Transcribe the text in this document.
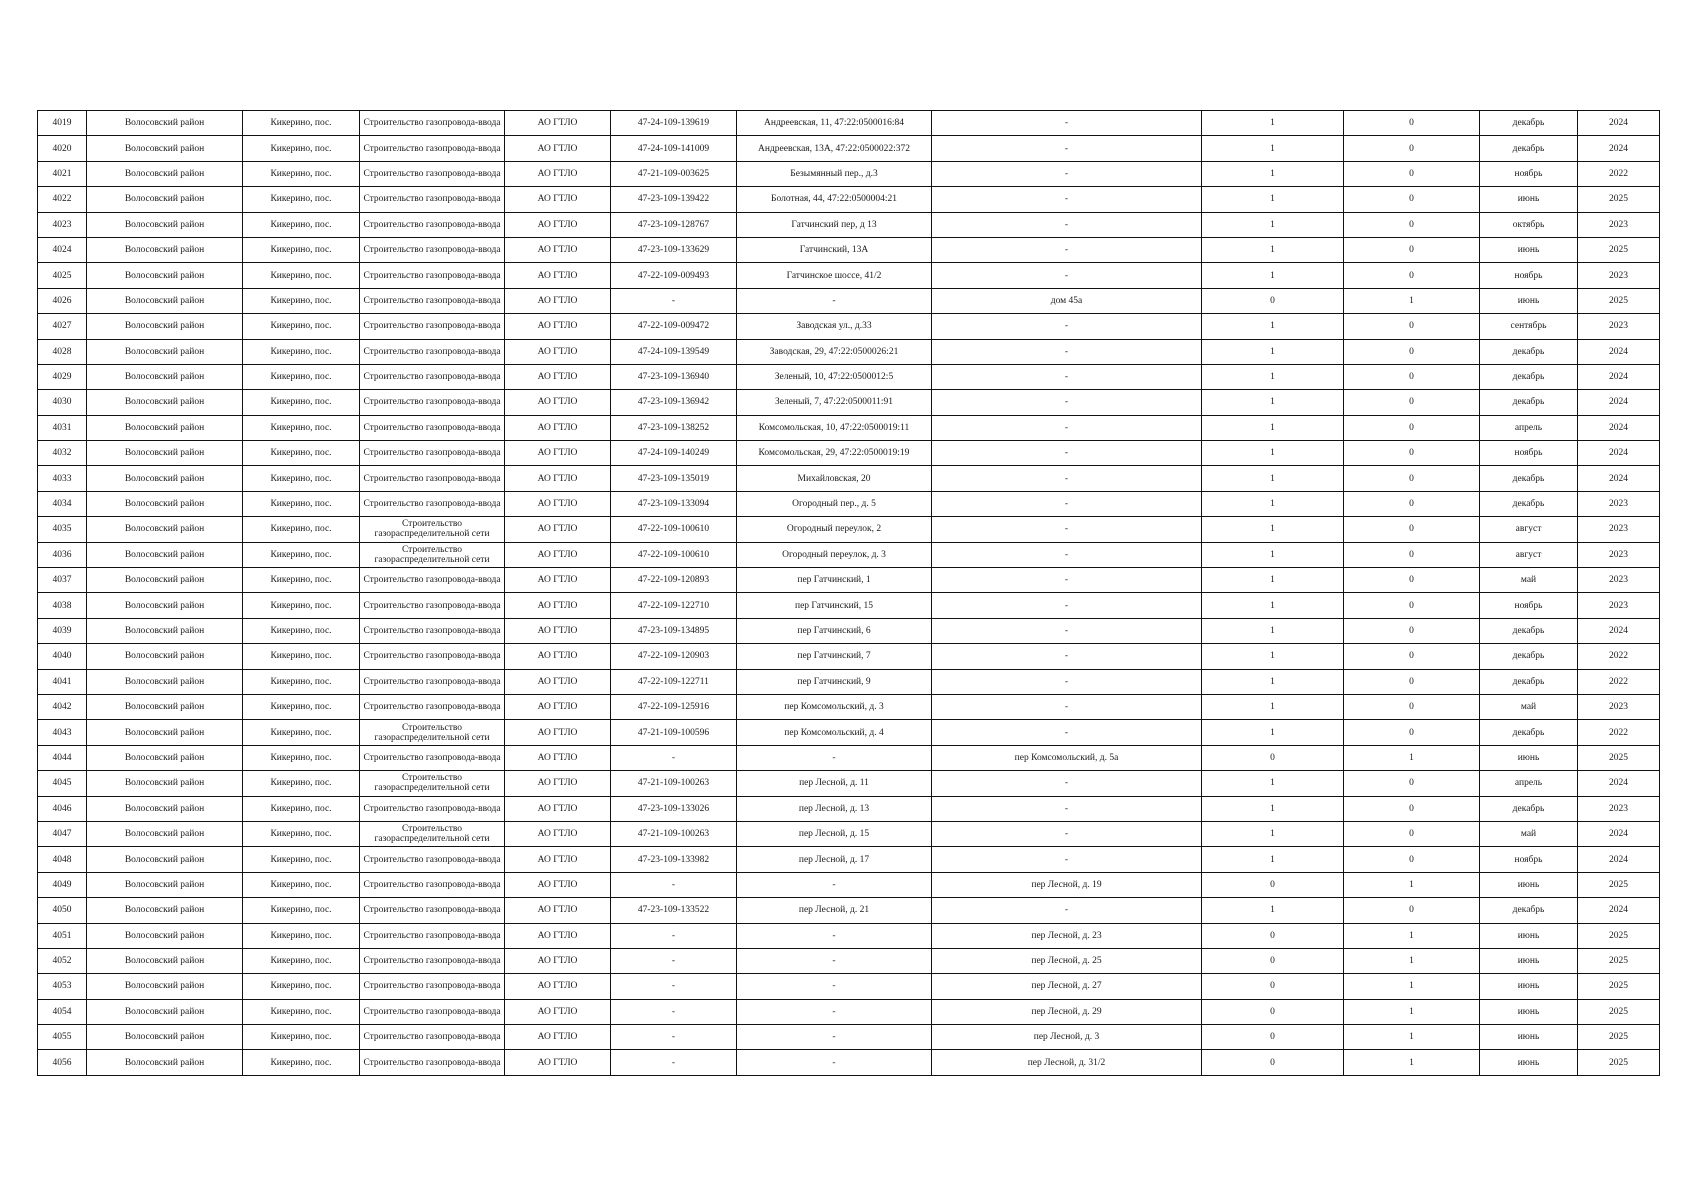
4019	Волосовский район	Кикерино, пос.	Строительство газопровода-ввода	АО ГТЛО	47-24-109-139619	Андреевская, 11, 47:22:0500016:84	-	1	0	декабрь	2024
4020	Волосовский район	Кикерино, пос.	Строительство газопровода-ввода	АО ГТЛО	47-24-109-141009	Андреевская, 13А, 47:22:0500022:372	-	1	0	декабрь	2024
4021	Волосовский район	Кикерино, пос.	Строительство газопровода-ввода	АО ГТЛО	47-21-109-003625	Безымянный пер., д.3	-	1	0	ноябрь	2022
4022	Волосовский район	Кикерино, пос.	Строительство газопровода-ввода	АО ГТЛО	47-23-109-139422	Болотная, 44, 47:22:0500004:21	-	1	0	июнь	2025
4023	Волосовский район	Кикерино, пос.	Строительство газопровода-ввода	АО ГТЛО	47-23-109-128767	Гатчинский пер, д 13	-	1	0	октябрь	2023
4024	Волосовский район	Кикерино, пос.	Строительство газопровода-ввода	АО ГТЛО	47-23-109-133629	Гатчинский, 13А	-	1	0	июнь	2025
4025	Волосовский район	Кикерино, пос.	Строительство газопровода-ввода	АО ГТЛО	47-22-109-009493	Гатчинское шоссе, 41/2	-	1	0	ноябрь	2023
4026	Волосовский район	Кикерино, пос.	Строительство газопровода-ввода	АО ГТЛО	-	-	дом 45а	0	1	июнь	2025
4027	Волосовский район	Кикерино, пос.	Строительство газопровода-ввода	АО ГТЛО	47-22-109-009472	Заводская ул., д.33	-	1	0	сентябрь	2023
4028	Волосовский район	Кикерино, пос.	Строительство газопровода-ввода	АО ГТЛО	47-24-109-139549	Заводская, 29, 47:22:0500026:21	-	1	0	декабрь	2024
4029	Волосовский район	Кикерино, пос.	Строительство газопровода-ввода	АО ГТЛО	47-23-109-136940	Зеленый, 10, 47:22:0500012:5	-	1	0	декабрь	2024
4030	Волосовский район	Кикерино, пос.	Строительство газопровода-ввода	АО ГТЛО	47-23-109-136942	Зеленый, 7, 47:22:0500011:91	-	1	0	декабрь	2024
4031	Волосовский район	Кикерино, пос.	Строительство газопровода-ввода	АО ГТЛО	47-23-109-138252	Комсомольская, 10, 47:22:0500019:11	-	1	0	апрель	2024
4032	Волосовский район	Кикерино, пос.	Строительство газопровода-ввода	АО ГТЛО	47-24-109-140249	Комсомольская, 29, 47:22:0500019:19	-	1	0	ноябрь	2024
4033	Волосовский район	Кикерино, пос.	Строительство газопровода-ввода	АО ГТЛО	47-23-109-135019	Михайловская, 20	-	1	0	декабрь	2024
4034	Волосовский район	Кикерино, пос.	Строительство газопровода-ввода	АО ГТЛО	47-23-109-133094	Огородный пер., д. 5	-	1	0	декабрь	2023
4035	Волосовский район	Кикерино, пос.	Строительство газораспределительной сети	АО ГТЛО	47-22-109-100610	Огородный переулок, 2	-	1	0	август	2023
4036	Волосовский район	Кикерино, пос.	Строительство газораспределительной сети	АО ГТЛО	47-22-109-100610	Огородный переулок, д. 3	-	1	0	август	2023
4037	Волосовский район	Кикерино, пос.	Строительство газопровода-ввода	АО ГТЛО	47-22-109-120893	пер Гатчинский, 1	-	1	0	май	2023
4038	Волосовский район	Кикерино, пос.	Строительство газопровода-ввода	АО ГТЛО	47-22-109-122710	пер Гатчинский, 15	-	1	0	ноябрь	2023
4039	Волосовский район	Кикерино, пос.	Строительство газопровода-ввода	АО ГТЛО	47-23-109-134895	пер Гатчинский, 6	-	1	0	декабрь	2024
4040	Волосовский район	Кикерино, пос.	Строительство газопровода-ввода	АО ГТЛО	47-22-109-120903	пер Гатчинский, 7	-	1	0	декабрь	2022
4041	Волосовский район	Кикерино, пос.	Строительство газопровода-ввода	АО ГТЛО	47-22-109-122711	пер Гатчинский, 9	-	1	0	декабрь	2022
4042	Волосовский район	Кикерино, пос.	Строительство газопровода-ввода	АО ГТЛО	47-22-109-125916	пер Комсомольский, д. 3	-	1	0	май	2023
4043	Волосовский район	Кикерино, пос.	Строительство газораспределительной сети	АО ГТЛО	47-21-109-100596	пер Комсомольский, д. 4	-	1	0	декабрь	2022
4044	Волосовский район	Кикерино, пос.	Строительство газопровода-ввода	АО ГТЛО	-	-	пер Комсомольский, д. 5а	0	1	июнь	2025
4045	Волосовский район	Кикерино, пос.	Строительство газораспределительной сети	АО ГТЛО	47-21-109-100263	пер Лесной, д. 11	-	1	0	апрель	2024
4046	Волосовский район	Кикерино, пос.	Строительство газопровода-ввода	АО ГТЛО	47-23-109-133026	пер Лесной, д. 13	-	1	0	декабрь	2023
4047	Волосовский район	Кикерино, пос.	Строительство газораспределительной сети	АО ГТЛО	47-21-109-100263	пер Лесной, д. 15	-	1	0	май	2024
4048	Волосовский район	Кикерино, пос.	Строительство газопровода-ввода	АО ГТЛО	47-23-109-133982	пер Лесной, д. 17	-	1	0	ноябрь	2024
4049	Волосовский район	Кикерино, пос.	Строительство газопровода-ввода	АО ГТЛО	-	-	пер Лесной, д. 19	0	1	июнь	2025
4050	Волосовский район	Кикерино, пос.	Строительство газопровода-ввода	АО ГТЛО	47-23-109-133522	пер Лесной, д. 21	-	1	0	декабрь	2024
4051	Волосовский район	Кикерино, пос.	Строительство газопровода-ввода	АО ГТЛО	-	-	пер Лесной, д. 23	0	1	июнь	2025
4052	Волосовский район	Кикерино, пос.	Строительство газопровода-ввода	АО ГТЛО	-	-	пер Лесной, д. 25	0	1	июнь	2025
4053	Волосовский район	Кикерино, пос.	Строительство газопровода-ввода	АО ГТЛО	-	-	пер Лесной, д. 27	0	1	июнь	2025
4054	Волосовский район	Кикерино, пос.	Строительство газопровода-ввода	АО ГТЛО	-	-	пер Лесной, д. 29	0	1	июнь	2025
4055	Волосовский район	Кикерино, пос.	Строительство газопровода-ввода	АО ГТЛО	-	-	пер Лесной, д. 3	0	1	июнь	2025
4056	Волосовский район	Кикерино, пос.	Строительство газопровода-ввода	АО ГТЛО	-	-	пер Лесной, д. 31/2	0	1	июнь	2025
